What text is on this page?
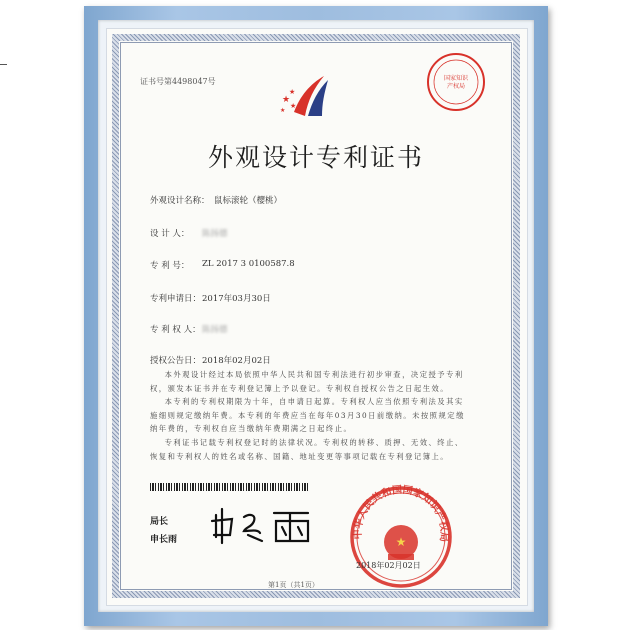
证书号第4498047号
★
★
★
★
国家知识
产权局
外观设计专利证书
外观设计名称： 鼠标滚轮（樱桃）
设 计 人： 陈扬德
专 利 号： ZL 2017 3 0100587.8
专利申请日： 2017年03月30日
专 利 权 人： 陈扬德
授权公告日： 2018年02月02日

本外观设计经过本局依照中华人民共和国专利法进行初步审查，决定授予专利权，颁发本证书并在专利登记簿上予以登记。专利权自授权公告之日起生效。

本专利的专利权期限为十年，自申请日起算。专利权人应当依照专利法及其实施细则规定缴纳年费。本专利的年费应当在每年03月30日前缴纳。未按照规定缴纳年费的，专利权自应当缴纳年费期满之日起终止。

专利证书记载专利权登记时的法律状况。专利权的转移、质押、无效、终止、恢复和专利权人的姓名或名称、国籍、地址变更等事项记载在专利登记簿上。

局长
申长雨
中华人民共和国国家知识产权局
★
2018年02月02日
第1页（共1页）
